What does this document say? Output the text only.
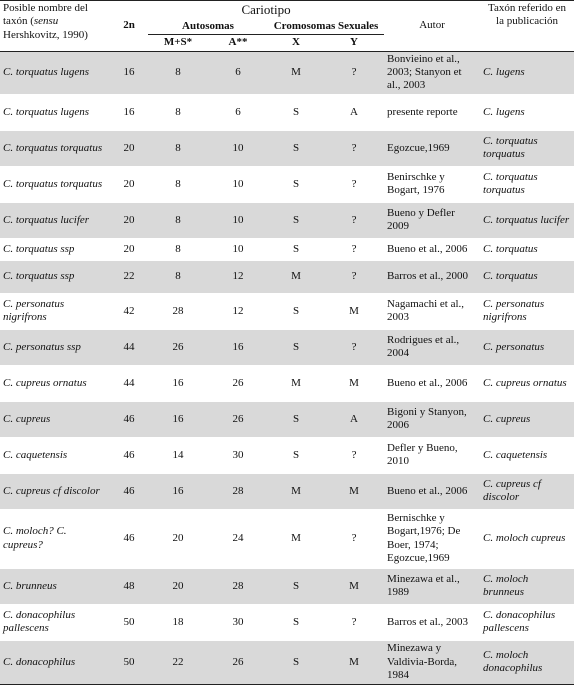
Posible nombre del taxón (sensu Hershkovitz, 1990)	2n	Cariotipo				Autor	Taxón referido en la publicación
		Autosomas		Cromosomas Sexuales			
		M+S*	A**	X	Y		
C. torquatus lugens	16	8	6	M	?	Bonvieino et al., 2003; Stanyon et al., 2003	C. lugens
C. torquatus lugens	16	8	6	S	A	presente reporte	C. lugens
C. torquatus torquatus	20	8	10	S	?	Egozcue,1969	C. torquatus torquatus
C. torquatus torquatus	20	8	10	S	?	Benirschke y Bogart, 1976	C. torquatus torquatus
C. torquatus lucifer	20	8	10	S	?	Bueno y Defler 2009	C. torquatus lucifer
C. torquatus ssp	20	8	10	S	?	Bueno et al., 2006	C. torquatus
C. torquatus ssp	22	8	12	M	?	Barros et al., 2000	C. torquatus
C. personatus nigrifrons	42	28	12	S	M	Nagamachi et al., 2003	C. personatus nigrifrons
C. personatus ssp	44	26	16	S	?	Rodrigues et al., 2004	C. personatus
C. cupreus ornatus	44	16	26	M	M	Bueno et al., 2006	C. cupreus ornatus
C. cupreus	46	16	26	S	A	Bigoni y Stanyon, 2006	C. cupreus
C. caquetensis	46	14	30	S	?	Defler y Bueno, 2010	C. caquetensis
C. cupreus cf discolor	46	16	28	M	M	Bueno et al., 2006	C. cupreus cf discolor
C. moloch? C. cupreus?	46	20	24	M	?	Bernischke y Bogart,1976; De Boer, 1974; Egozcue,1969	C. moloch cupreus
C. brunneus	48	20	28	S	M	Minezawa et al., 1989	C. moloch brunneus
C. donacophilus pallescens	50	18	30	S	?	Barros et al., 2003	C. donacophilus pallescens
C. donacophilus	50	22	26	S	M	Minezawa y Valdivia-Borda, 1984	C. moloch donacophilus
